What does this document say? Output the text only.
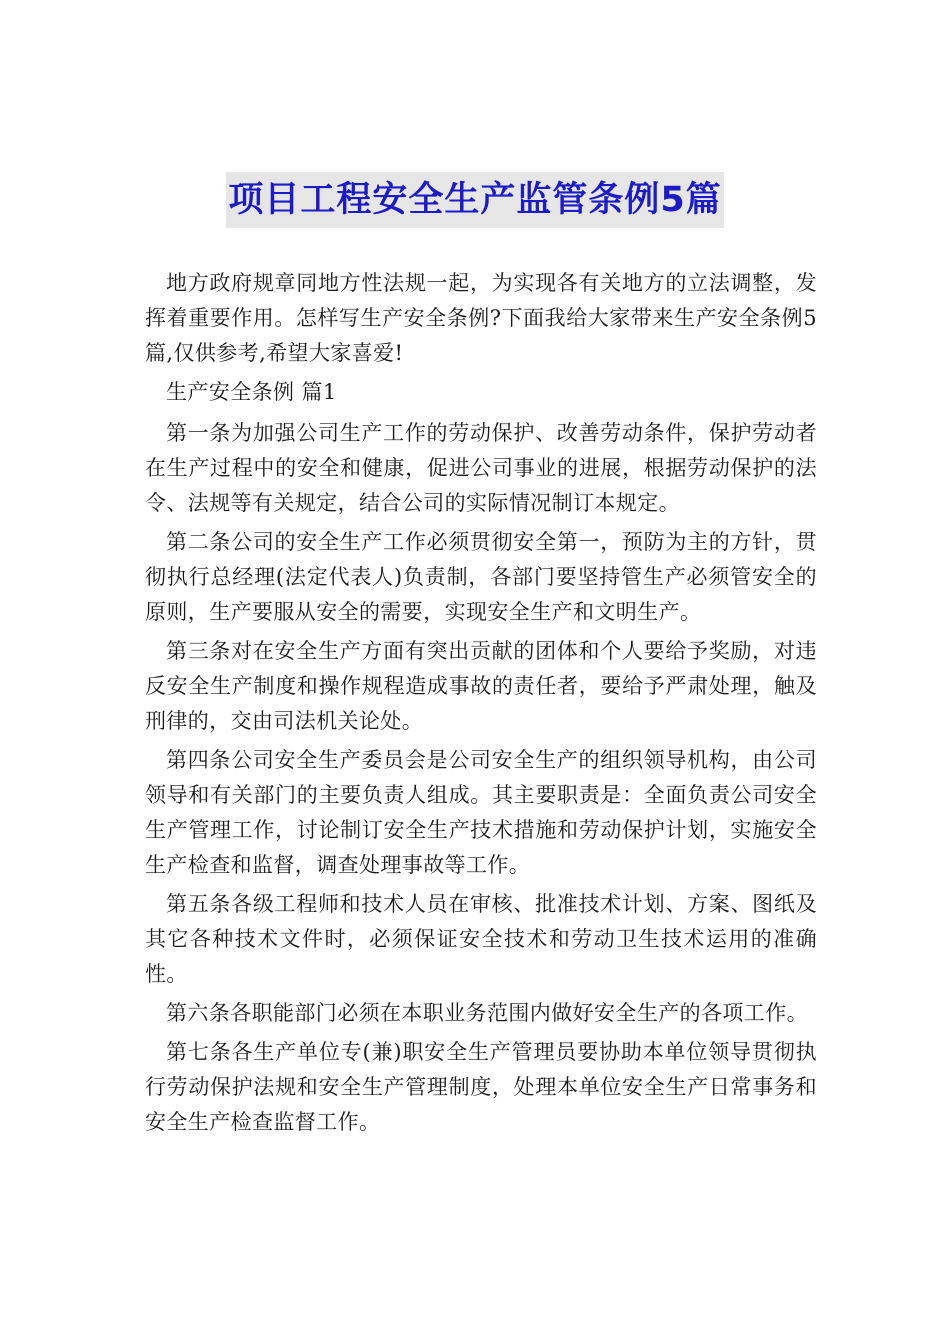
项目工程安全生产监管条例5篇

地方政府规章同地方性法规一起，为实现各有关地方的立法调整，发挥着重要作用。怎样写生产安全条例?下面我给大家带来生产安全条例5篇,仅供参考,希望大家喜爱!

生产安全条例 篇1

第一条为加强公司生产工作的劳动保护、改善劳动条件，保护劳动者在生产过程中的安全和健康，促进公司事业的进展，根据劳动保护的法令、法规等有关规定，结合公司的实际情况制订本规定。

第二条公司的安全生产工作必须贯彻安全第一，预防为主的方针，贯彻执行总经理(法定代表人)负责制，各部门要坚持管生产必须管安全的原则，生产要服从安全的需要，实现安全生产和文明生产。

第三条对在安全生产方面有突出贡献的团体和个人要给予奖励，对违反安全生产制度和操作规程造成事故的责任者，要给予严肃处理，触及刑律的，交由司法机关论处。

第四条公司安全生产委员会是公司安全生产的组织领导机构，由公司领导和有关部门的主要负责人组成。其主要职责是：全面负责公司安全生产管理工作，讨论制订安全生产技术措施和劳动保护计划，实施安全生产检查和监督，调查处理事故等工作。

第五条各级工程师和技术人员在审核、批准技术计划、方案、图纸及其它各种技术文件时，必须保证安全技术和劳动卫生技术运用的准确性。

第六条各职能部门必须在本职业务范围内做好安全生产的各项工作。

第七条各生产单位专(兼)职安全生产管理员要协助本单位领导贯彻执行劳动保护法规和安全生产管理制度，处理本单位安全生产日常事务和安全生产检查监督工作。
